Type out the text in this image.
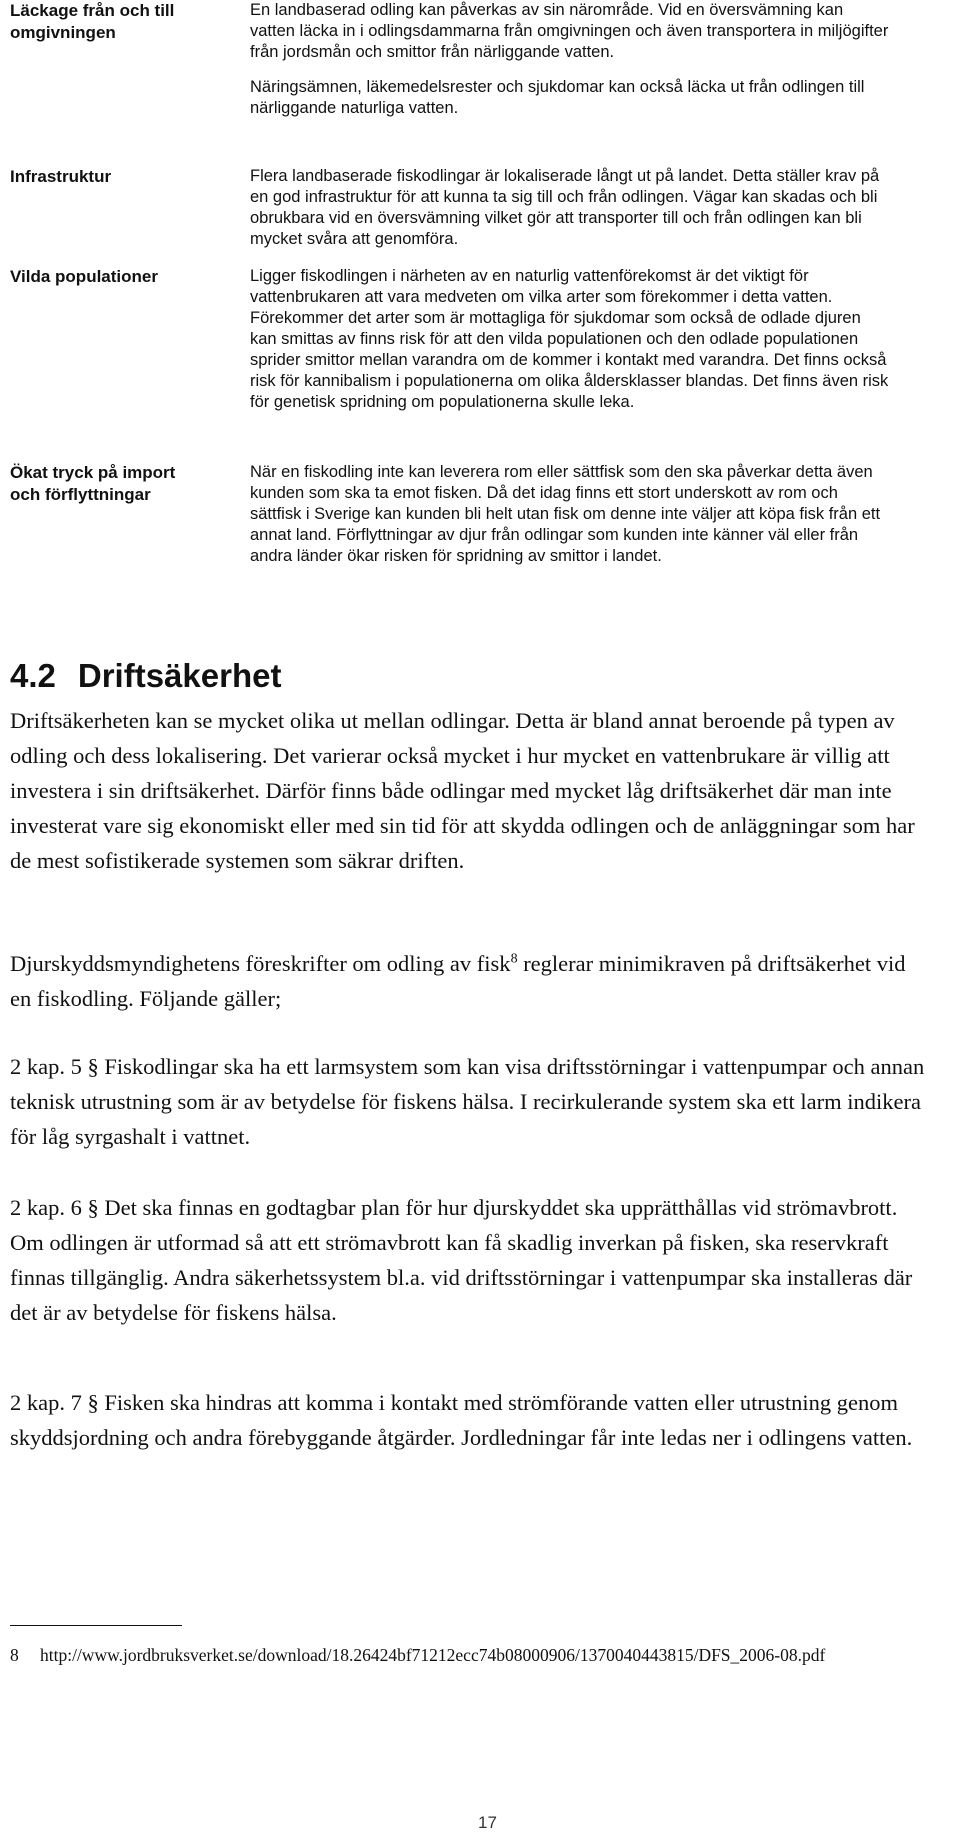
Läckage från och till omgivningen

En landbaserad odling kan påverkas av sin närområde. Vid en översvämning kan vatten läcka in i odlingsdammarna från omgivningen och även transportera in miljögifter från jordsmån och smittor från närliggande vatten.

Näringsämnen, läkemedelsrester och sjukdomar kan också läcka ut från odlingen till närliggande naturliga vatten.

Infrastruktur	Flera landbaserade fiskodlingar är lokaliserade långt ut på landet. Detta ställer krav på en god infrastruktur för att kunna ta sig till och från odlingen. Vägar kan skadas och bli obrukbara vid en översvämning vilket gör att transporter till och från odlingen kan bli mycket svåra att genomföra.

Vilda populationer	Ligger fiskodlingen i närheten av en naturlig vattenförekomst är det viktigt för vattenbrukaren att vara medveten om vilka arter som förekommer i detta vatten. Förekommer det arter som är mottagliga för sjukdomar som också de odlade djuren kan smittas av finns risk för att den vilda populationen och den odlade populationen sprider smittor mellan varandra om de kommer i kontakt med varandra. Det finns också risk för kannibalism i populationerna om olika åldersklasser blandas. Det finns även risk för genetisk spridning om populationerna skulle leka.

Ökat tryck på import och förflyttningar

När en fiskodling inte kan leverera rom eller sättfisk som den ska påverkar detta även kunden som ska ta emot fisken. Då det idag finns ett stort underskott av rom och sättfisk i Sverige kan kunden bli helt utan fisk om denne inte väljer att köpa fisk från ett annat land. Förflyttningar av djur från odlingar som kunden inte känner väl eller från andra länder ökar risken för spridning av smittor i landet.

4.2 Driftsäkerhet

Driftsäkerheten kan se mycket olika ut mellan odlingar. Detta är bland annat beroende på typen av odling och dess lokalisering. Det varierar också mycket i hur mycket en vattenbrukare är villig att investera i sin driftsäkerhet. Därför finns både odlingar med mycket låg driftsäkerhet där man inte investerat vare sig ekonomiskt eller med sin tid för att skydda odlingen och de anläggningar som har de mest sofistikerade systemen som säkrar driften.

Djurskyddsmyndighetens föreskrifter om odling av fisk$^8$ reglerar minimikraven på driftsäkerhet vid en fiskodling. Följande gäller;

2 kap. 5 § Fiskodlingar ska ha ett larmsystem som kan visa driftsstörningar i vattenpumpar och annan teknisk utrustning som är av betydelse för fiskens hälsa. I recirkulerande system ska ett larm indikera för låg syrgashalt i vattnet.

2 kap. 6 § Det ska finnas en godtagbar plan för hur djurskyddet ska upprätthållas vid strömavbrott. Om odlingen är utformad så att ett strömavbrott kan få skadlig inverkan på fisken, ska reservkraft finnas tillgänglig. Andra säkerhetssystem bl.a. vid driftsstörningar i vattenpumpar ska installeras där det är av betydelse för fiskens hälsa.

2 kap. 7 § Fisken ska hindras att komma i kontakt med strömförande vatten eller utrustning genom skyddsjordning och andra förebyggande åtgärder. Jordledningar får inte ledas ner i odlingens vatten.

8 http://www.jordbruksverket.se/download/18.26424bf71212ecc74b08000906/1370040443815/DFS_2006-08.pdf
17
